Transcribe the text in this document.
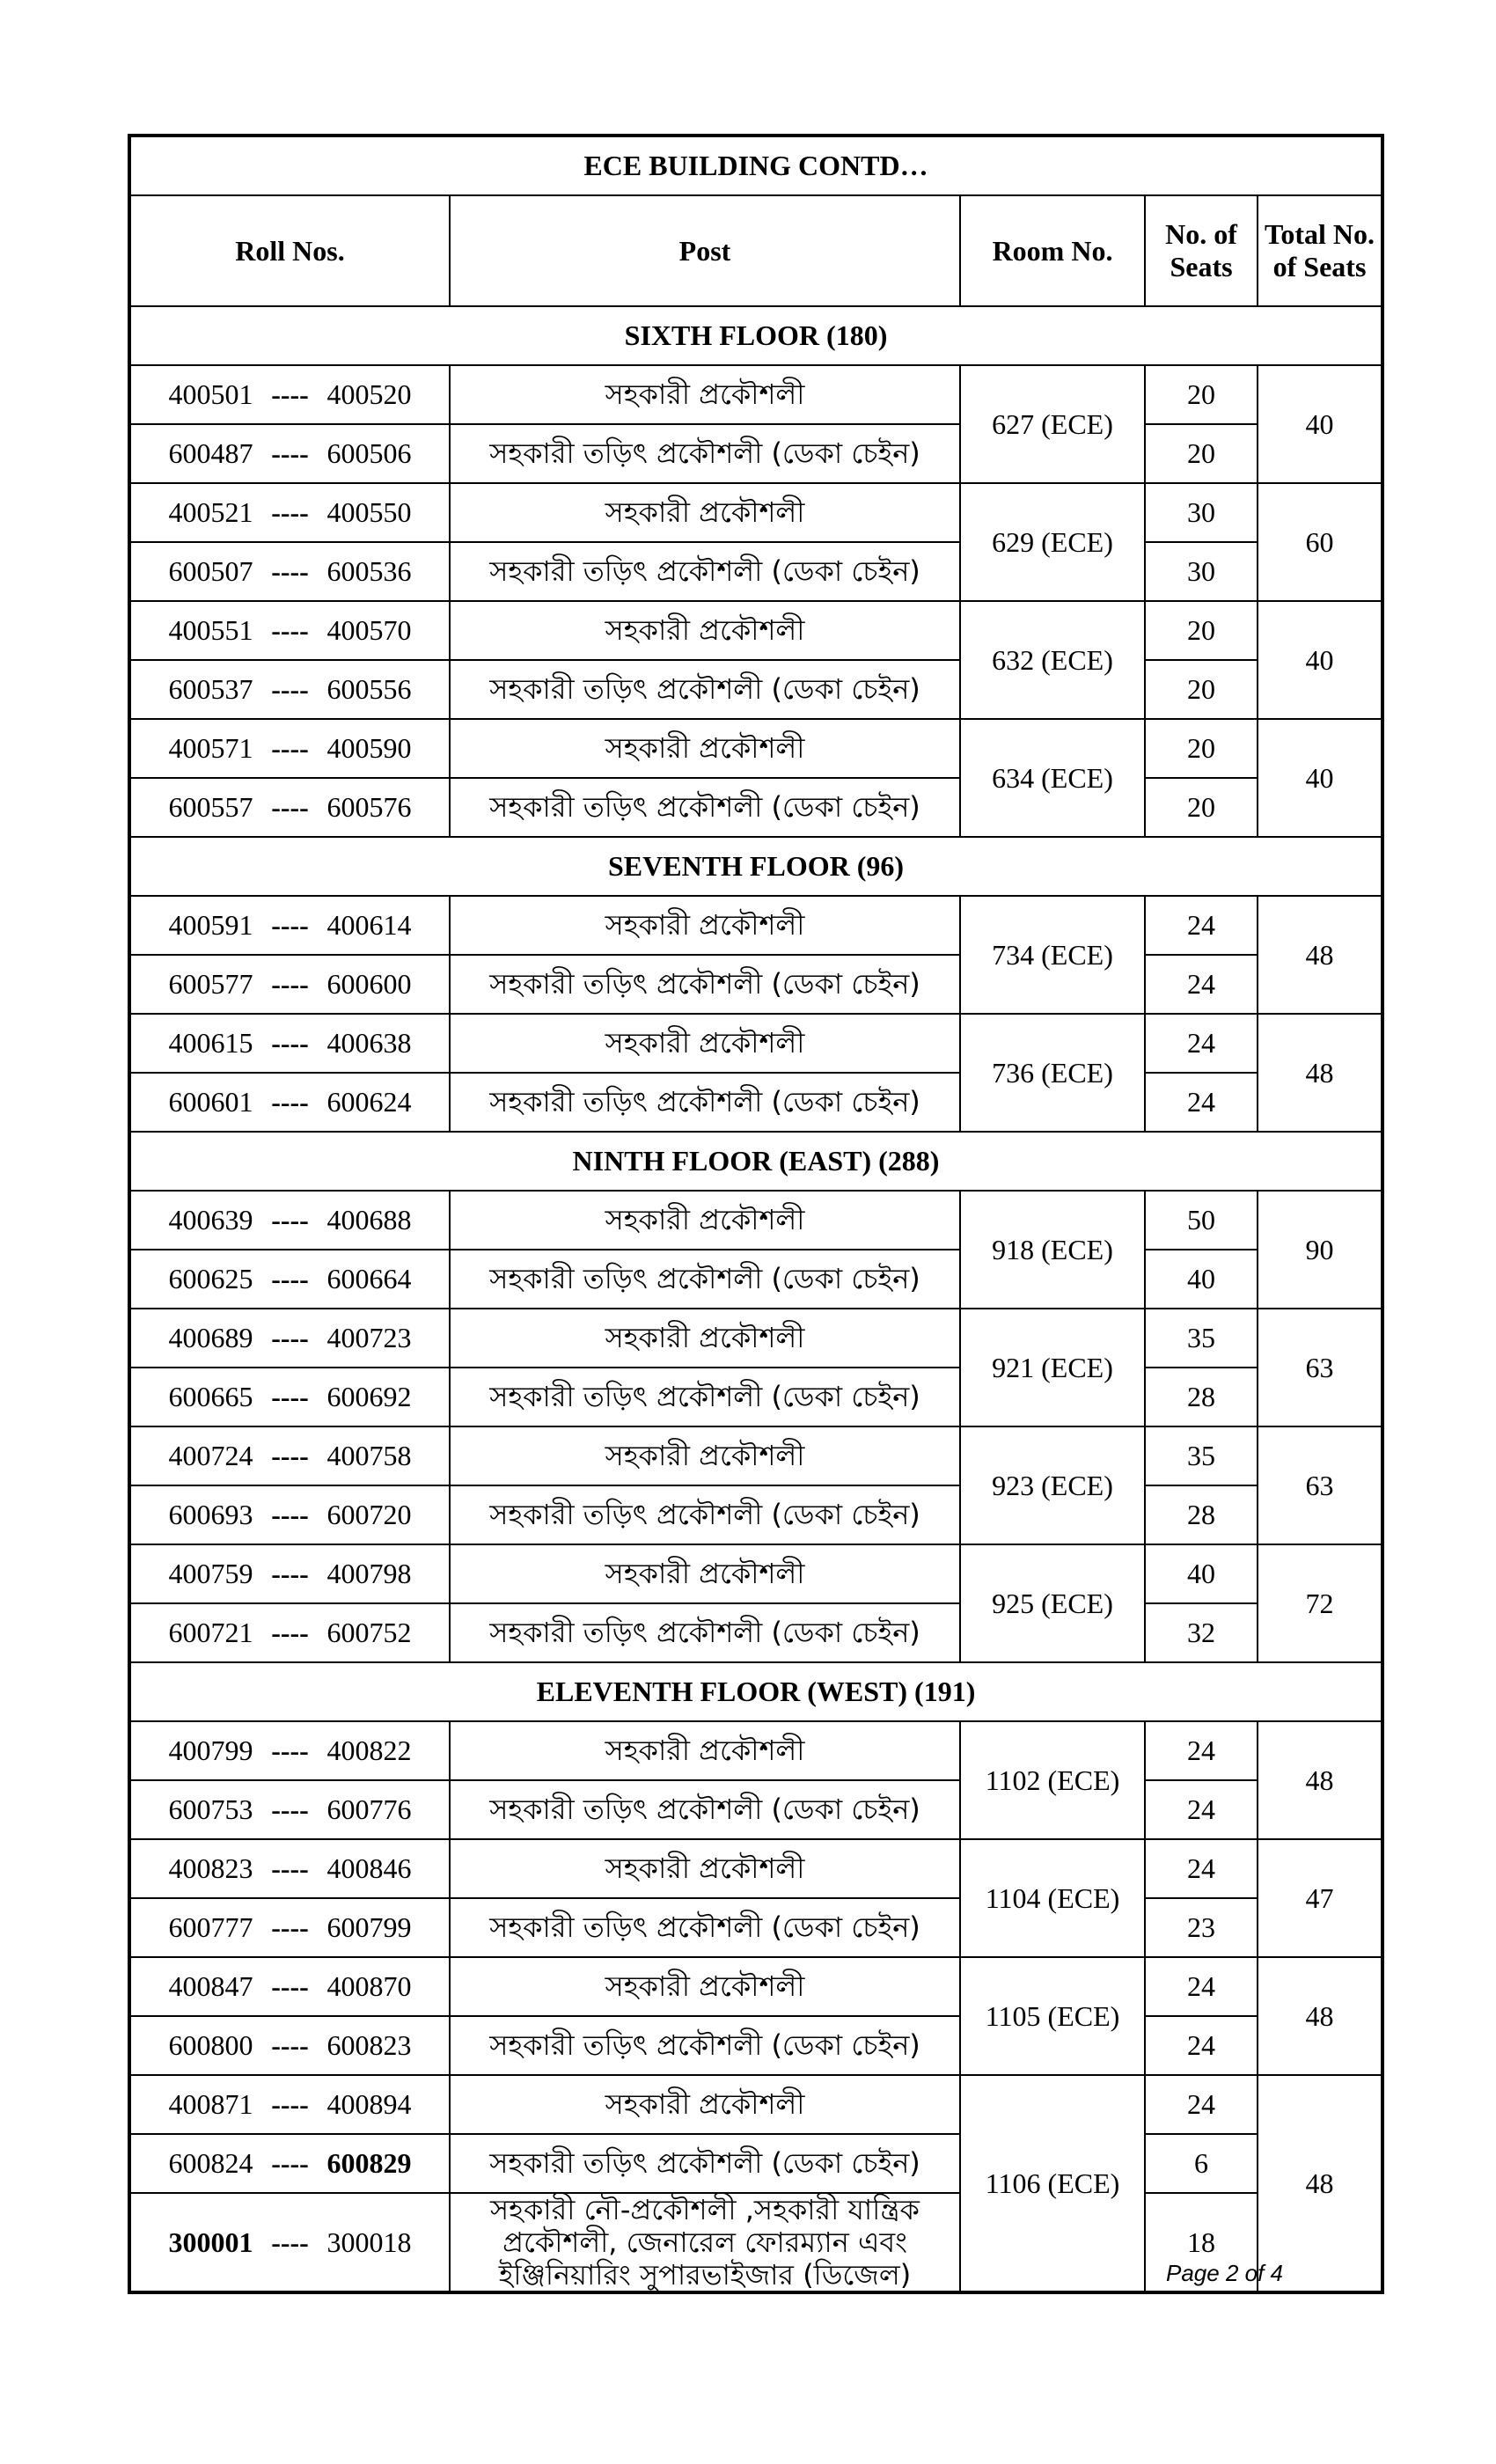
ECE BUILDING CONTD…				
Roll Nos.	Post	Room No.	No. of Seats	Total No. of Seats
SIXTH FLOOR (180)				
400501 ---- 400520	সহকারী প্রকৌশলী	627 (ECE)	20	40
600487 ---- 600506	সহকারী তড়িৎ প্রকৌশলী (ডেকা চেইন)		20	
400521 ---- 400550	সহকারী প্রকৌশলী	629 (ECE)	30	60
600507 ---- 600536	সহকারী তড়িৎ প্রকৌশলী (ডেকা চেইন)		30	
400551 ---- 400570	সহকারী প্রকৌশলী	632 (ECE)	20	40
600537 ---- 600556	সহকারী তড়িৎ প্রকৌশলী (ডেকা চেইন)		20	
400571 ---- 400590	সহকারী প্রকৌশলী	634 (ECE)	20	40
600557 ---- 600576	সহকারী তড়িৎ প্রকৌশলী (ডেকা চেইন)		20	
SEVENTH FLOOR (96)				
400591 ---- 400614	সহকারী প্রকৌশলী	734 (ECE)	24	48
600577 ---- 600600	সহকারী তড়িৎ প্রকৌশলী (ডেকা চেইন)		24	
400615 ---- 400638	সহকারী প্রকৌশলী	736 (ECE)	24	48
600601 ---- 600624	সহকারী তড়িৎ প্রকৌশলী (ডেকা চেইন)		24	
NINTH FLOOR (EAST) (288)				
400639 ---- 400688	সহকারী প্রকৌশলী	918 (ECE)	50	90
600625 ---- 600664	সহকারী তড়িৎ প্রকৌশলী (ডেকা চেইন)		40	
400689 ---- 400723	সহকারী প্রকৌশলী	921 (ECE)	35	63
600665 ---- 600692	সহকারী তড়িৎ প্রকৌশলী (ডেকা চেইন)		28	
400724 ---- 400758	সহকারী প্রকৌশলী	923 (ECE)	35	63
600693 ---- 600720	সহকারী তড়িৎ প্রকৌশলী (ডেকা চেইন)		28	
400759 ---- 400798	সহকারী প্রকৌশলী	925 (ECE)	40	72
600721 ---- 600752	সহকারী তড়িৎ প্রকৌশলী (ডেকা চেইন)		32	
ELEVENTH FLOOR (WEST) (191)				
400799 ---- 400822	সহকারী প্রকৌশলী	1102 (ECE)	24	48
600753 ---- 600776	সহকারী তড়িৎ প্রকৌশলী (ডেকা চেইন)		24	
400823 ---- 400846	সহকারী প্রকৌশলী	1104 (ECE)	24	47
600777 ---- 600799	সহকারী তড়িৎ প্রকৌশলী (ডেকা চেইন)		23	
400847 ---- 400870	সহকারী প্রকৌশলী	1105 (ECE)	24	48
600800 ---- 600823	সহকারী তড়িৎ প্রকৌশলী (ডেকা চেইন)		24	
400871 ---- 400894	সহকারী প্রকৌশলী	1106 (ECE)	24	48
600824 ---- 600829	সহকারী তড়িৎ প্রকৌশলী (ডেকা চেইন)		6	
300001 ---- 300018	সহকারী নৌ-প্রকৌশলী ,সহকারী যান্ত্রিক প্রকৌশলী, জেনারেল ফোরম্যান এবং ইঞ্জিনিয়ারিং সুপারভাইজার (ডিজেল)		18	
Page 2 of 4
